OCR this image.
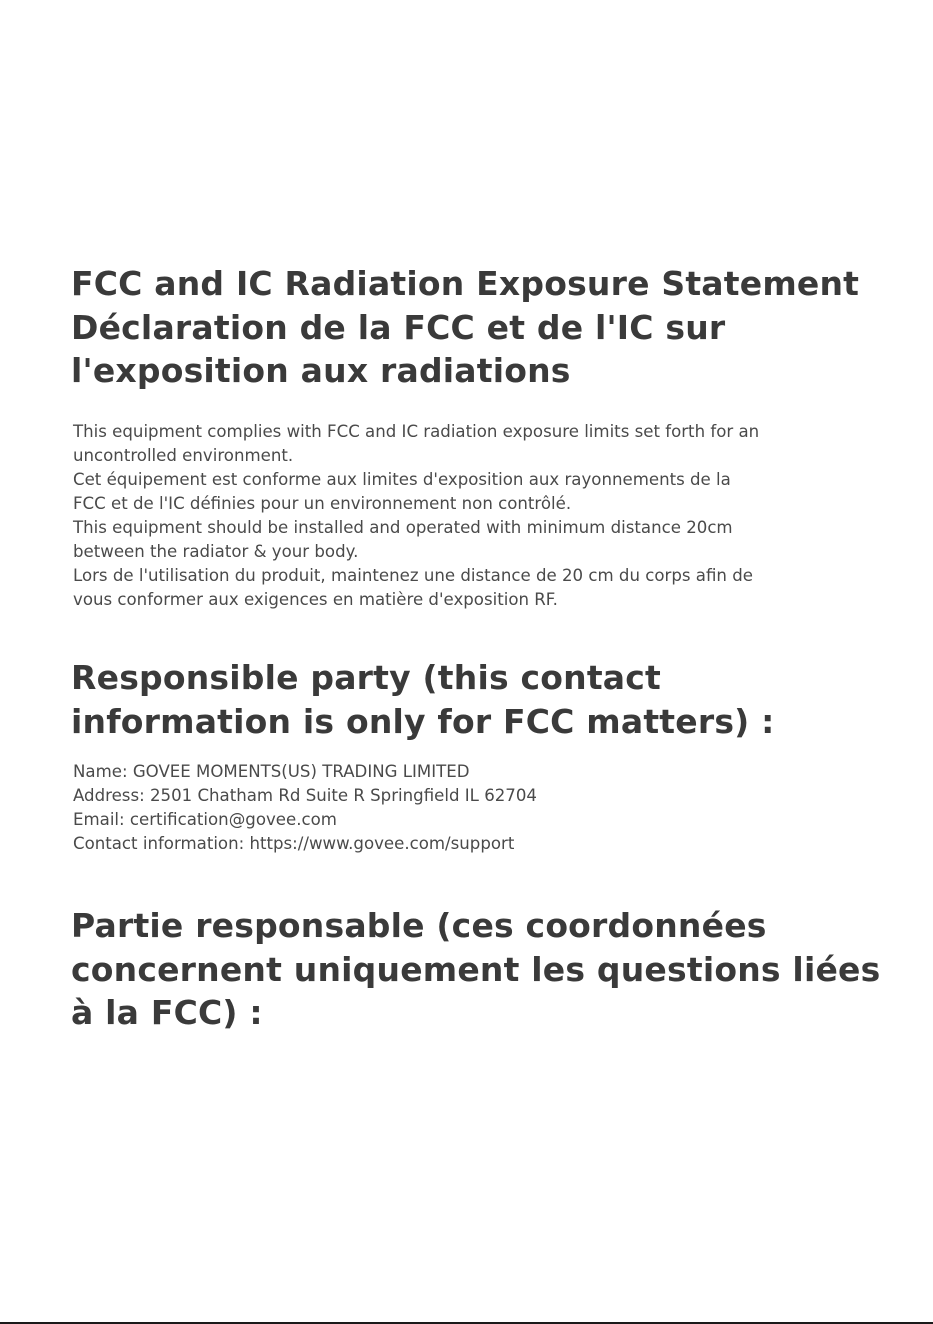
FCC and IC Radiation Exposure Statement
Déclaration de la FCC et de l'IC sur
l'exposition aux radiations

This equipment complies with FCC and IC radiation exposure limits set forth for an
uncontrolled environment.
Cet équipement est conforme aux limites d'exposition aux rayonnements de la
FCC et de l'IC définies pour un environnement non contrôlé.
This equipment should be installed and operated with minimum distance 20cm
between the radiator & your body.
Lors de l'utilisation du produit, maintenez une distance de 20 cm du corps afin de
vous conformer aux exigences en matière d'exposition RF.

Responsible party (this contact
information is only for FCC matters) :

Name: GOVEE MOMENTS(US) TRADING LIMITED
Address: 2501 Chatham Rd Suite R Springfield IL 62704
Email: certification@govee.com
Contact information: https://www.govee.com/support

Partie responsable (ces coordonnées
concernent uniquement les questions liées
à la FCC) :
